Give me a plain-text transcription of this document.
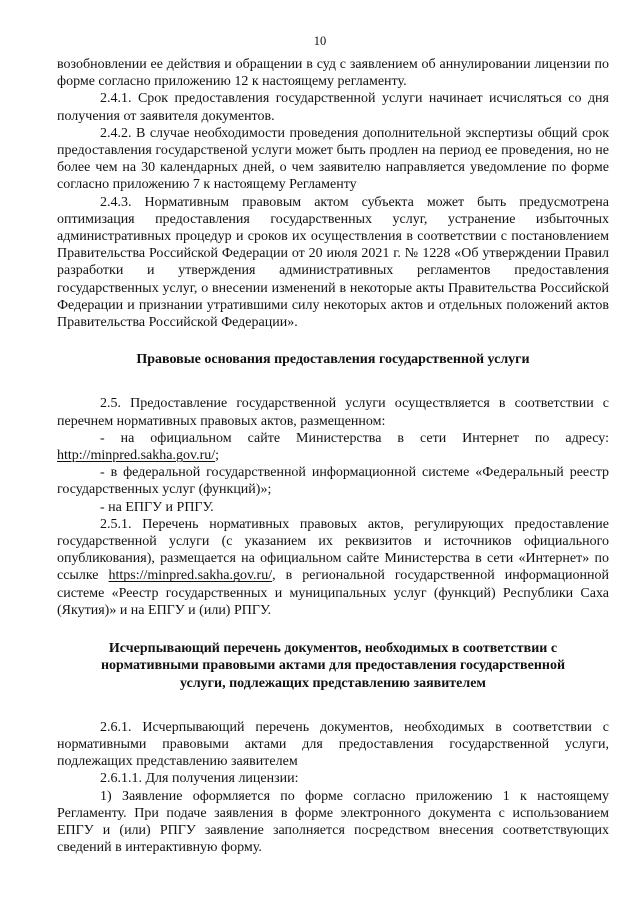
10

возобновлении ее действия и обращении в суд с заявлением об аннулировании лицензии по форме согласно приложению 12 к настоящему регламенту.

2.4.1. Срок предоставления государственной услуги начинает исчисляться со дня получения от заявителя документов.

2.4.2. В случае необходимости проведения дополнительной экспертизы общий срок предоставления государственой услуги может быть продлен на период ее проведения, но не более чем на 30 календарных дней, о чем заявителю направляется уведомление по форме согласно приложению 7 к настоящему Регламенту

2.4.3. Нормативным правовым актом субъекта может быть предусмотрена оптимизация предоставления государственных услуг, устранение избыточных административных процедур и сроков их осуществления в соответствии с постановлением Правительства Российской Федерации от 20 июля 2021 г. № 1228 «Об утверждении Правил разработки и утверждения административных регламентов предоставления государственных услуг, о внесении изменений в некоторые акты Правительства Российской Федерации и признании утратившими силу некоторых актов и отдельных положений актов Правительства Российской Федерации».

Правовые основания предоставления государственной услуги

2.5. Предоставление государственной услуги осуществляется в соответствии с перечнем нормативных правовых актов, размещенном:

- на официальном сайте Министерства в сети Интернет по адресу: http://minpred.sakha.gov.ru/;

- в федеральной государственной информационной системе «Федеральный реестр государственных услуг (функций)»;

- на ЕПГУ и РПГУ.

2.5.1. Перечень нормативных правовых актов, регулирующих предоставление государственной услуги (с указанием их реквизитов и источников официального опубликования), размещается на официальном сайте Министерства в сети «Интернет» по ссылке https://minpred.sakha.gov.ru/, в региональной государственной информационной системе «Реестр государственных и муниципальных услуг (функций) Республики Саха (Якутия)» и на ЕПГУ и (или) РПГУ.

Исчерпывающий перечень документов, необходимых в соответствии с

нормативными правовыми актами для предоставления государственной

услуги, подлежащих представлению заявителем

2.6.1. Исчерпывающий перечень документов, необходимых в соответствии с нормативными правовыми актами для предоставления государственной услуги, подлежащих представлению заявителем

2.6.1.1. Для получения лицензии:

1) Заявление оформляется по форме согласно приложению 1 к настоящему Регламенту. При подаче заявления в форме электронного документа с использованием ЕПГУ и (или) РПГУ заявление заполняется посредством внесения соответствующих сведений в интерактивную форму.
